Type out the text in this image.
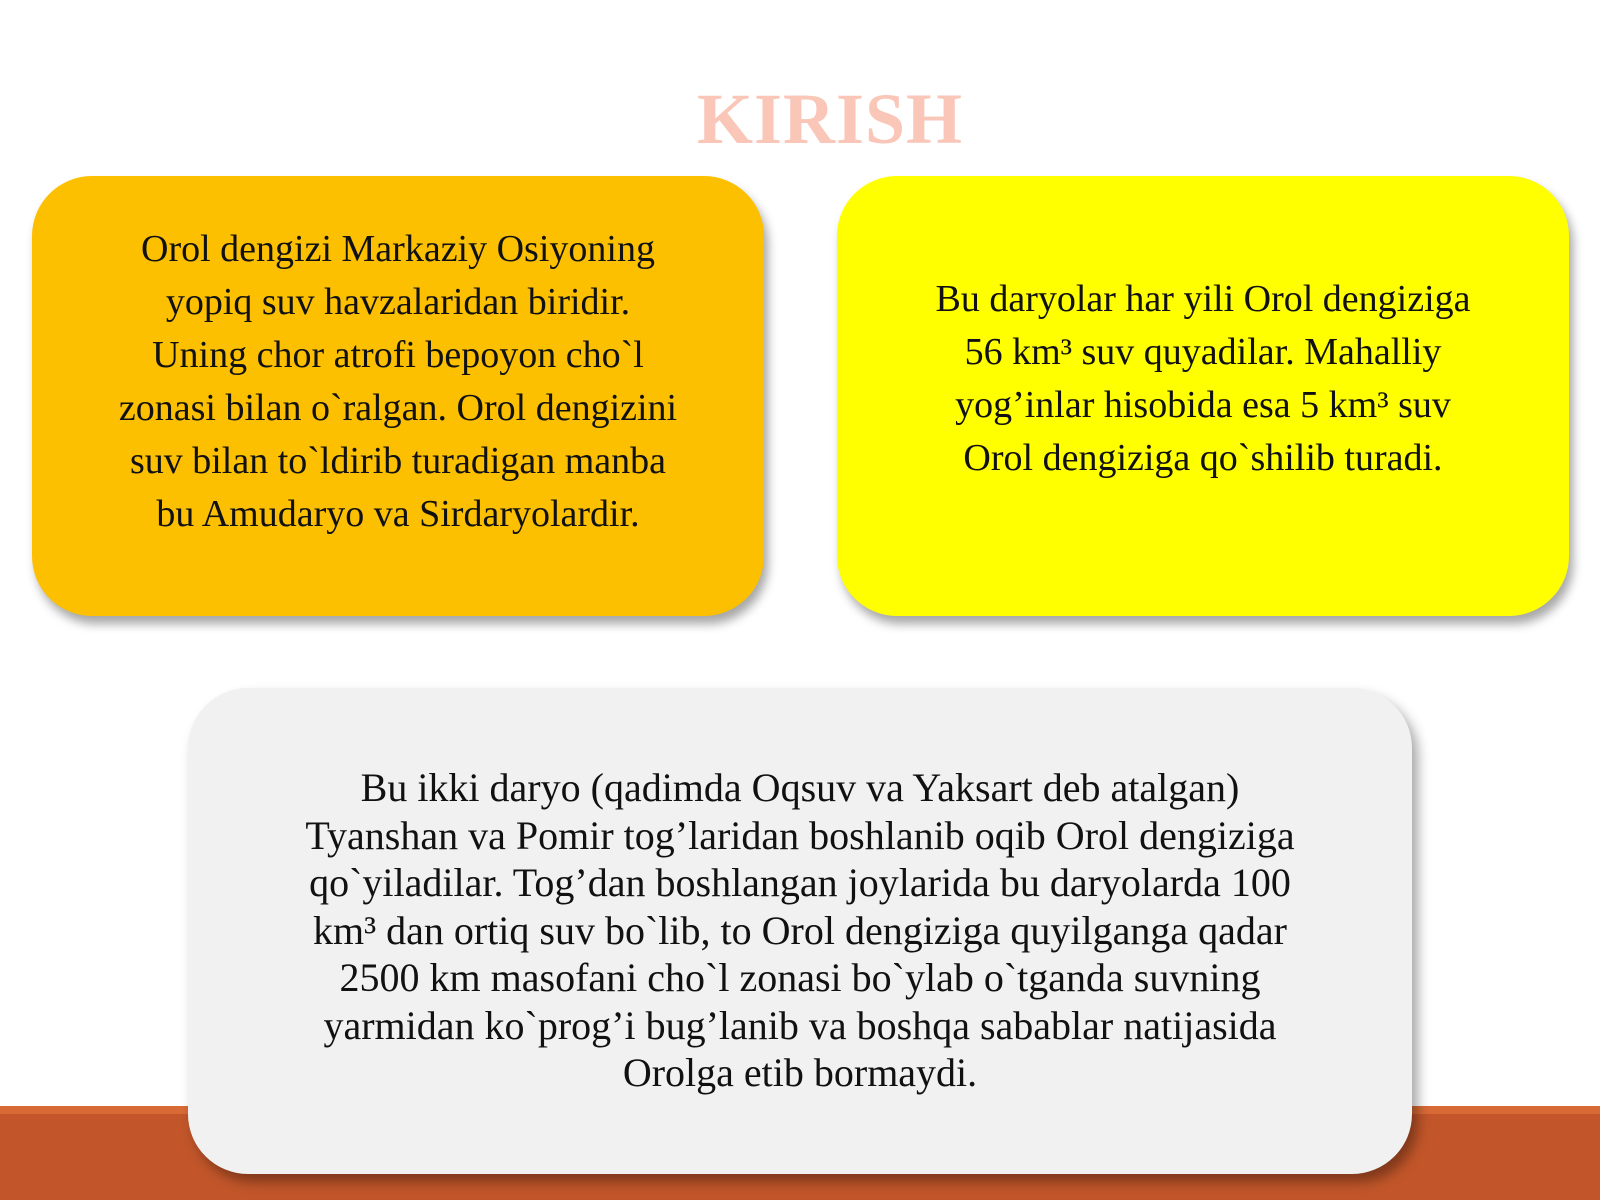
KIRISH

Orol dengizi Markaziy Osiyoning
yopiq suv havzalaridan biridir.
Uning chor atrofi bepoyon cho`l
zonasi bilan o`ralgan. Orol dengizini
suv bilan to`ldirib turadigan manba
bu Amudaryo va Sirdaryolardir.

Bu daryolar har yili Orol dengiziga
56 km³ suv quyadilar. Mahalliy
yog’inlar hisobida esa 5 km³ suv
Orol dengiziga qo`shilib turadi.

Bu ikki daryo (qadimda Oqsuv va Yaksart deb atalgan)
Tyanshan va Pomir tog’laridan boshlanib oqib Orol dengiziga
qo`yiladilar. Tog’dan boshlangan joylarida bu daryolarda 100
km³ dan ortiq suv bo`lib, to Orol dengiziga quyilganga qadar
2500 km masofani cho`l zonasi bo`ylab o`tganda suvning
yarmidan ko`prog’i bug’lanib va boshqa sabablar natijasida
Orolga etib bormaydi.
